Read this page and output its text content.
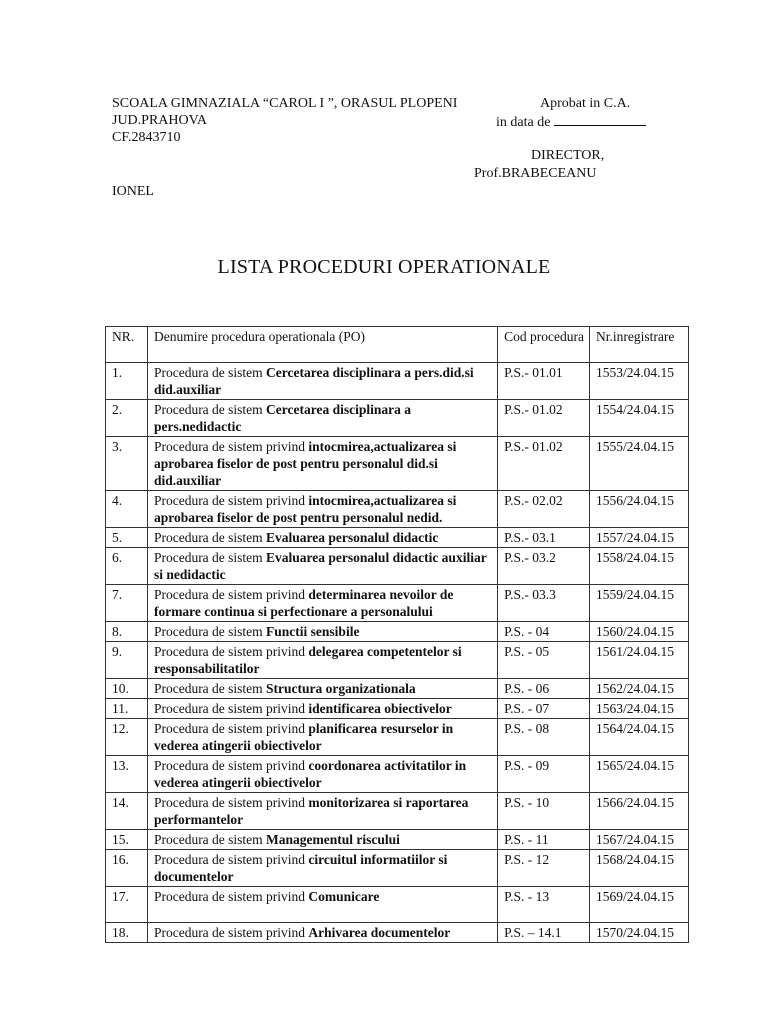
SCOALA GIMNAZIALA “CAROL I ”, ORASUL PLOPENI	Aprobat in C.A.
JUD.PRAHOVA	in data de
CF.2843710
DIRECTOR,
Prof.BRABECEANU
IONEL
LISTA PROCEDURI OPERATIONALE
NR.	Denumire procedura operationala (PO)	Cod procedura	Nr.inregistrare
1.	Procedura de sistem Cercetarea disciplinara a pers.did.si did.auxiliar	P.S.- 01.01	1553/24.04.15
2.	Procedura de sistem Cercetarea disciplinara a pers.nedidactic	P.S.- 01.02	1554/24.04.15
3.	Procedura de sistem privind intocmirea,actualizarea si aprobarea fiselor de post pentru personalul did.si did.auxiliar	P.S.- 01.02	1555/24.04.15
4.	Procedura de sistem privind intocmirea,actualizarea si aprobarea fiselor de post pentru personalul nedid.	P.S.- 02.02	1556/24.04.15
5.	Procedura de sistem Evaluarea personalul didactic	P.S.- 03.1	1557/24.04.15
6.	Procedura de sistem Evaluarea personalul didactic auxiliar si nedidactic	P.S.- 03.2	1558/24.04.15
7.	Procedura de sistem privind determinarea nevoilor de formare continua si perfectionare a personalului	P.S.- 03.3	1559/24.04.15
8.	Procedura de sistem Functii sensibile	P.S. - 04	1560/24.04.15
9.	Procedura de sistem privind delegarea competentelor si responsabilitatilor	P.S. - 05	1561/24.04.15
10.	Procedura de sistem Structura organizationala	P.S. - 06	1562/24.04.15
11.	Procedura de sistem privind identificarea obiectivelor	P.S. - 07	1563/24.04.15
12.	Procedura de sistem privind planificarea resurselor in vederea atingerii obiectivelor	P.S. - 08	1564/24.04.15
13.	Procedura de sistem privind coordonarea activitatilor in vederea atingerii obiectivelor	P.S. - 09	1565/24.04.15
14.	Procedura de sistem privind monitorizarea si raportarea performantelor	P.S. - 10	1566/24.04.15
15.	Procedura de sistem Managementul riscului	P.S. - 11	1567/24.04.15
16.	Procedura de sistem privind circuitul informatiilor si documentelor	P.S. - 12	1568/24.04.15
17.	Procedura de sistem privind Comunicare	P.S. - 13	1569/24.04.15
18.	Procedura de sistem privind Arhivarea documentelor	P.S. – 14.1	1570/24.04.15
